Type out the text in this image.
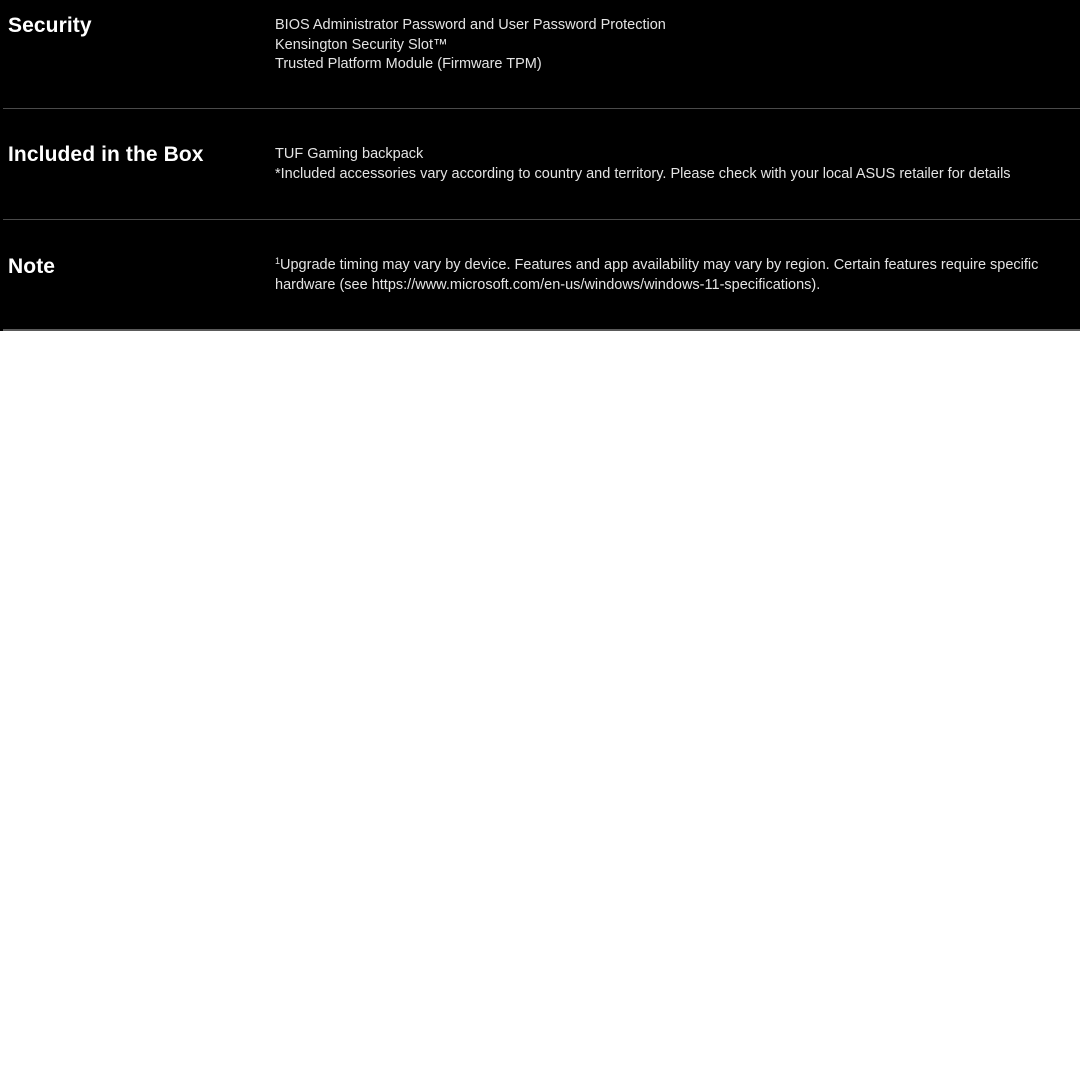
Security	BIOS Administrator Password and User Password Protection
Kensington Security Slot™
Trusted Platform Module (Firmware TPM)
Included in the Box	TUF Gaming backpack
*Included accessories vary according to country and territory. Please check with your local ASUS retailer for details
Note	$^1$Upgrade timing may vary by device. Features and app availability may vary by region. Certain features require specific hardware (see https://www.microsoft.com/en-us/windows/windows-11-specifications).
